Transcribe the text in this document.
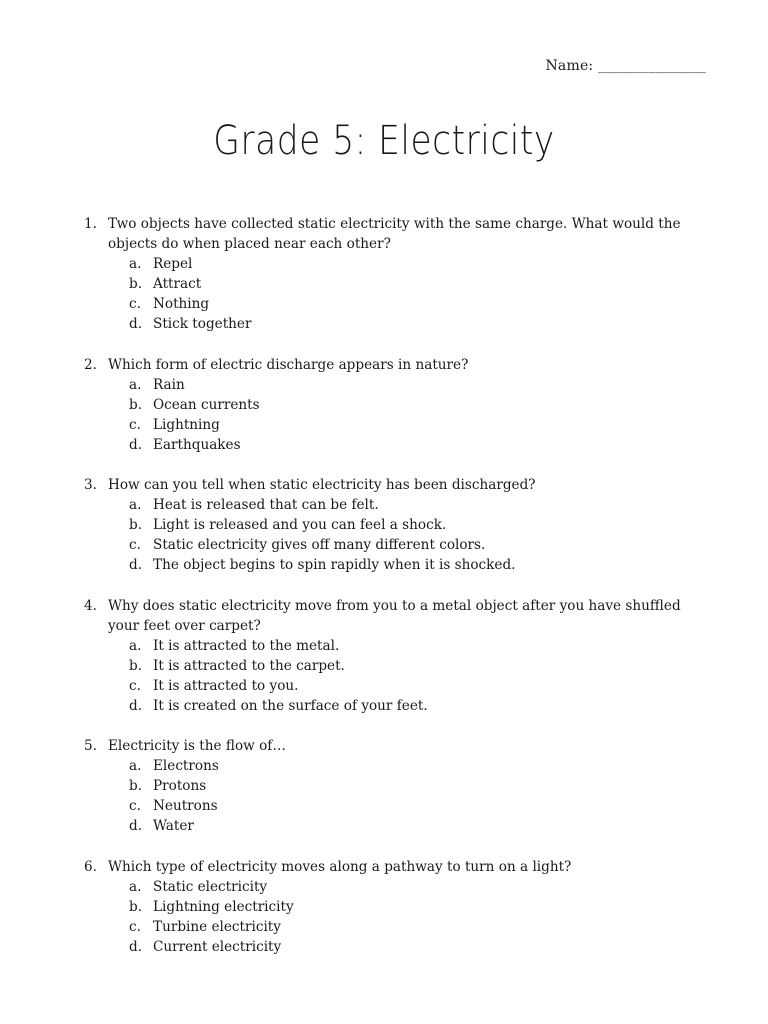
Name: _______________
Grade 5: Electricity
1. Two objects have collected static electricity with the same charge. What would the objects do when placed near each other?
a. Repel
b. Attract
c. Nothing
d. Stick together
2. Which form of electric discharge appears in nature?
a. Rain
b. Ocean currents
c. Lightning
d. Earthquakes
3. How can you tell when static electricity has been discharged?
a. Heat is released that can be felt.
b. Light is released and you can feel a shock.
c. Static electricity gives off many different colors.
d. The object begins to spin rapidly when it is shocked.
4. Why does static electricity move from you to a metal object after you have shuffled your feet over carpet?
a. It is attracted to the metal.
b. It is attracted to the carpet.
c. It is attracted to you.
d. It is created on the surface of your feet.
5. Electricity is the flow of…
a. Electrons
b. Protons
c. Neutrons
d. Water
6. Which type of electricity moves along a pathway to turn on a light?
a. Static electricity
b. Lightning electricity
c. Turbine electricity
d. Current electricity
